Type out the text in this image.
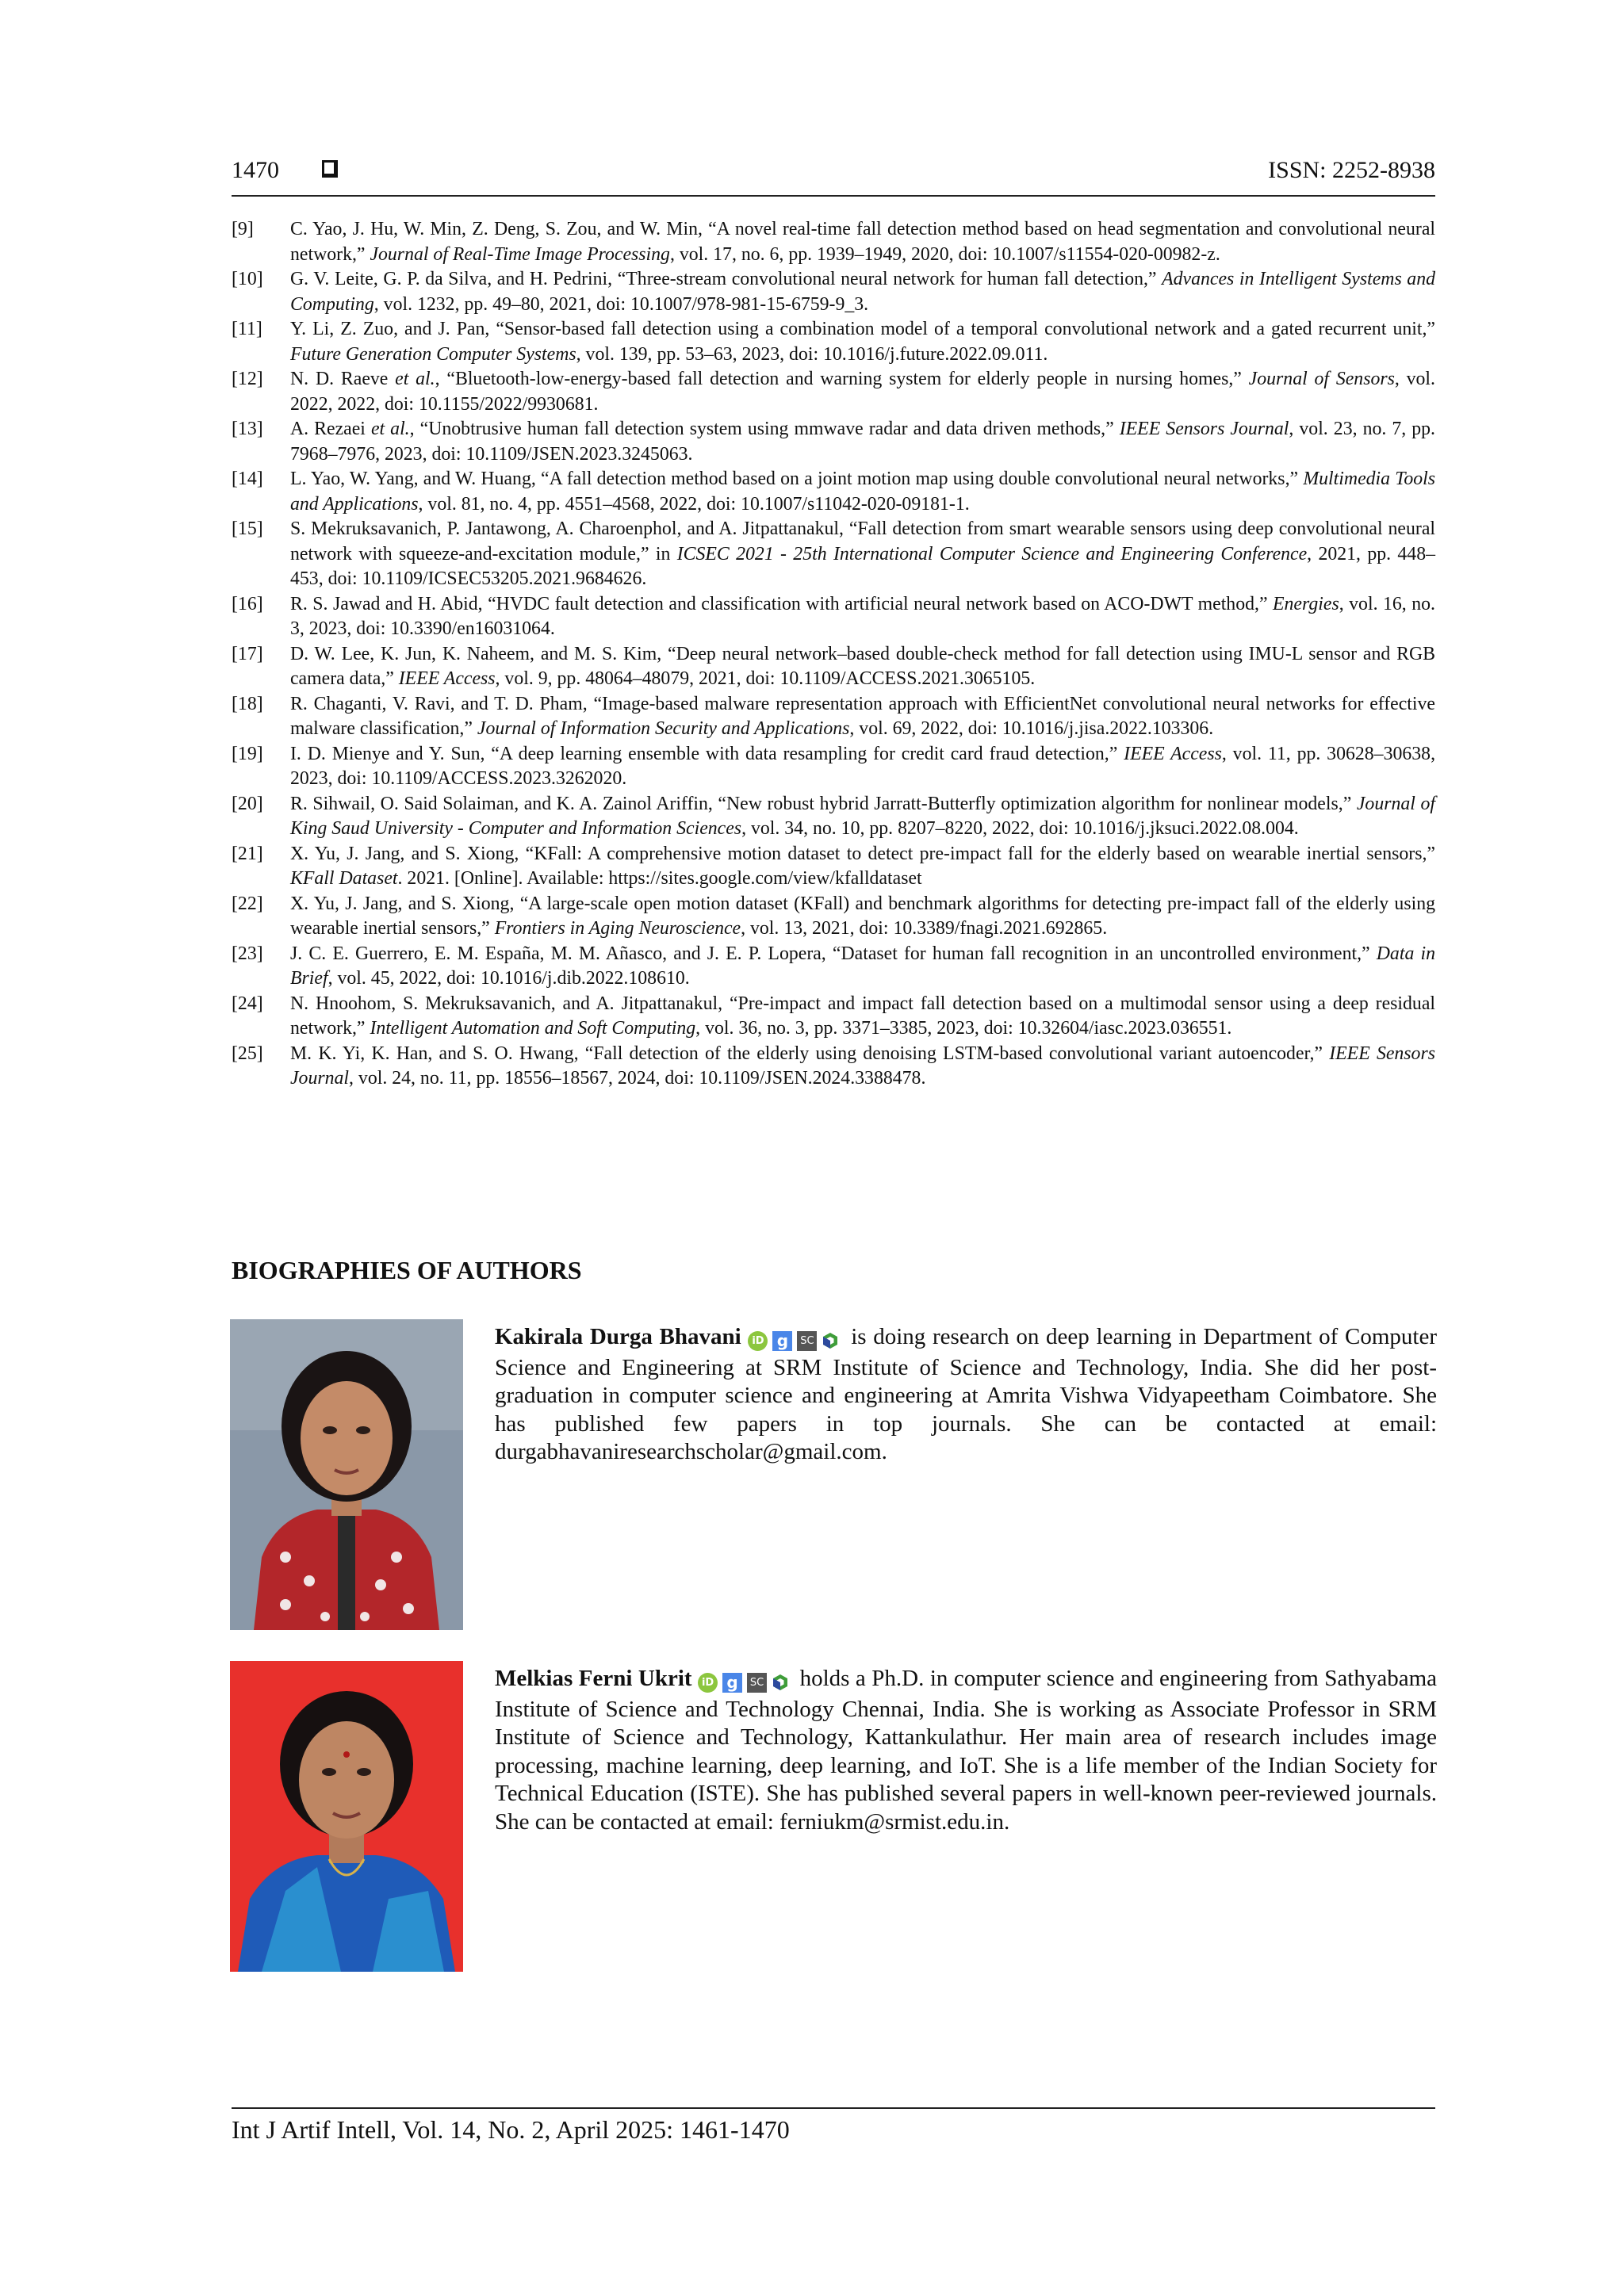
1470	ISSN: 2252-8938
[9] C. Yao, J. Hu, W. Min, Z. Deng, S. Zou, and W. Min, “A novel real-time fall detection method based on head segmentation and convolutional neural network,” Journal of Real-Time Image Processing, vol. 17, no. 6, pp. 1939–1949, 2020, doi: 10.1007/s11554-020-00982-z.
[10] G. V. Leite, G. P. da Silva, and H. Pedrini, “Three-stream convolutional neural network for human fall detection,” Advances in Intelligent Systems and Computing, vol. 1232, pp. 49–80, 2021, doi: 10.1007/978-981-15-6759-9_3.
[11] Y. Li, Z. Zuo, and J. Pan, “Sensor-based fall detection using a combination model of a temporal convolutional network and a gated recurrent unit,” Future Generation Computer Systems, vol. 139, pp. 53–63, 2023, doi: 10.1016/j.future.2022.09.011.
[12] N. D. Raeve et al., “Bluetooth-low-energy-based fall detection and warning system for elderly people in nursing homes,” Journal of Sensors, vol. 2022, 2022, doi: 10.1155/2022/9930681.
[13] A. Rezaei et al., “Unobtrusive human fall detection system using mmwave radar and data driven methods,” IEEE Sensors Journal, vol. 23, no. 7, pp. 7968–7976, 2023, doi: 10.1109/JSEN.2023.3245063.
[14] L. Yao, W. Yang, and W. Huang, “A fall detection method based on a joint motion map using double convolutional neural networks,” Multimedia Tools and Applications, vol. 81, no. 4, pp. 4551–4568, 2022, doi: 10.1007/s11042-020-09181-1.
[15] S. Mekruksavanich, P. Jantawong, A. Charoenphol, and A. Jitpattanakul, “Fall detection from smart wearable sensors using deep convolutional neural network with squeeze-and-excitation module,” in ICSEC 2021 - 25th International Computer Science and Engineering Conference, 2021, pp. 448–453, doi: 10.1109/ICSEC53205.2021.9684626.
[16] R. S. Jawad and H. Abid, “HVDC fault detection and classification with artificial neural network based on ACO-DWT method,” Energies, vol. 16, no. 3, 2023, doi: 10.3390/en16031064.
[17] D. W. Lee, K. Jun, K. Naheem, and M. S. Kim, “Deep neural network–based double-check method for fall detection using IMU-L sensor and RGB camera data,” IEEE Access, vol. 9, pp. 48064–48079, 2021, doi: 10.1109/ACCESS.2021.3065105.
[18] R. Chaganti, V. Ravi, and T. D. Pham, “Image-based malware representation approach with EfficientNet convolutional neural networks for effective malware classification,” Journal of Information Security and Applications, vol. 69, 2022, doi: 10.1016/j.jisa.2022.103306.
[19] I. D. Mienye and Y. Sun, “A deep learning ensemble with data resampling for credit card fraud detection,” IEEE Access, vol. 11, pp. 30628–30638, 2023, doi: 10.1109/ACCESS.2023.3262020.
[20] R. Sihwail, O. Said Solaiman, and K. A. Zainol Ariffin, “New robust hybrid Jarratt-Butterfly optimization algorithm for nonlinear models,” Journal of King Saud University - Computer and Information Sciences, vol. 34, no. 10, pp. 8207–8220, 2022, doi: 10.1016/j.jksuci.2022.08.004.
[21] X. Yu, J. Jang, and S. Xiong, “KFall: A comprehensive motion dataset to detect pre-impact fall for the elderly based on wearable inertial sensors,” KFall Dataset. 2021. [Online]. Available: https://sites.google.com/view/kfalldataset
[22] X. Yu, J. Jang, and S. Xiong, “A large-scale open motion dataset (KFall) and benchmark algorithms for detecting pre-impact fall of the elderly using wearable inertial sensors,” Frontiers in Aging Neuroscience, vol. 13, 2021, doi: 10.3389/fnagi.2021.692865.
[23] J. C. E. Guerrero, E. M. España, M. M. Añasco, and J. E. P. Lopera, “Dataset for human fall recognition in an uncontrolled environment,” Data in Brief, vol. 45, 2022, doi: 10.1016/j.dib.2022.108610.
[24] N. Hnoohom, S. Mekruksavanich, and A. Jitpattanakul, “Pre-impact and impact fall detection based on a multimodal sensor using a deep residual network,” Intelligent Automation and Soft Computing, vol. 36, no. 3, pp. 3371–3385, 2023, doi: 10.32604/iasc.2023.036551.
[25] M. K. Yi, K. Han, and S. O. Hwang, “Fall detection of the elderly using denoising LSTM-based convolutional variant autoencoder,” IEEE Sensors Journal, vol. 24, no. 11, pp. 18556–18567, 2024, doi: 10.1109/JSEN.2024.3388478.
BIOGRAPHIES OF AUTHORS

Kakirala Durga Bhavani iD g SC is doing research on deep learning in Department of Computer Science and Engineering at SRM Institute of Science and Technology, India. She did her post-graduation in computer science and engineering at Amrita Vishwa Vidyapeetham Coimbatore. She has published few papers in top journals. She can be contacted at email: durgabhavaniresearchscholar@gmail.com.

Melkias Ferni Ukrit iD g SC holds a Ph.D. in computer science and engineering from Sathyabama Institute of Science and Technology Chennai, India. She is working as Associate Professor in SRM Institute of Science and Technology, Kattankulathur. Her main area of research includes image processing, machine learning, deep learning, and IoT. She is a life member of the Indian Society for Technical Education (ISTE). She has published several papers in well-known peer-reviewed journals. She can be contacted at email: ferniukm@srmist.edu.in.

Int J Artif Intell, Vol. 14, No. 2, April 2025: 1461-1470
